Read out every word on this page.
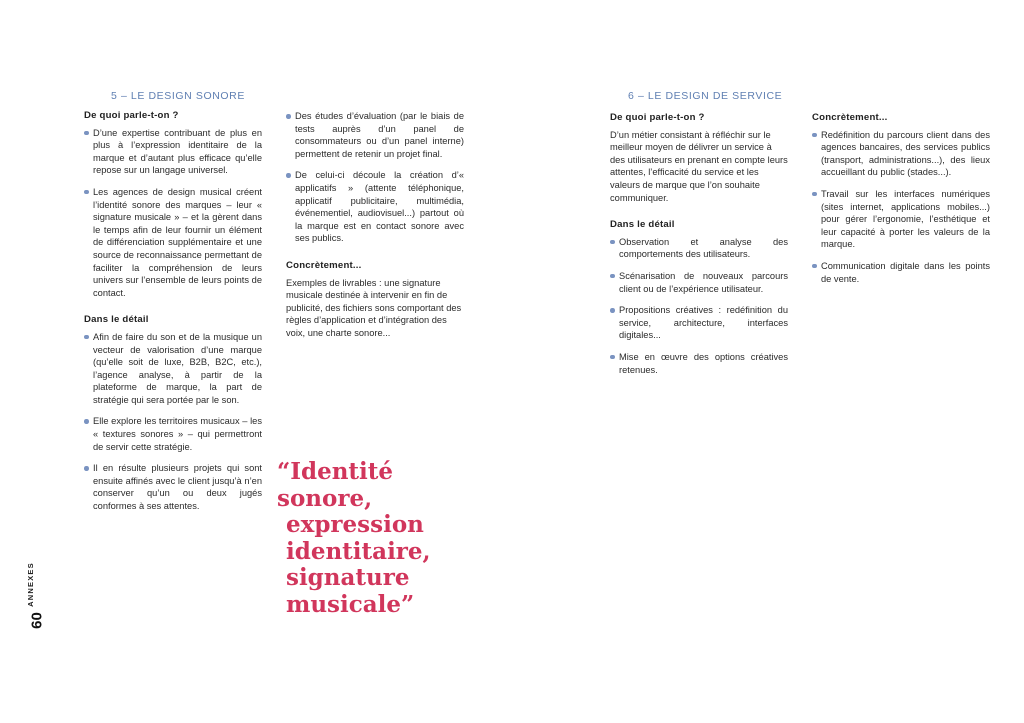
5 – LE DESIGN SONORE
De quoi parle-t-on ?
D’une expertise contribuant de plus en plus à l’expression identitaire de la marque et d’autant plus efficace qu’elle repose sur un langage universel.
Les agences de design musical créent l’identité sonore des marques – leur « signature musicale » – et la gèrent dans le temps afin de leur fournir un élément de différenciation supplémentaire et une source de reconnaissance permettant de faciliter la compréhension de leurs univers sur l’ensemble de leurs points de contact.
Dans le détail
Afin de faire du son et de la musique un vecteur de valorisation d’une marque (qu’elle soit de luxe, B2B, B2C, etc.), l’agence analyse, à partir de la plateforme de marque, la part de stratégie qui sera portée par le son.
Elle explore les territoires musicaux – les « textures sonores » – qui permettront de servir cette stratégie.
Il en résulte plusieurs projets qui sont ensuite affinés avec le client jusqu’à n’en conserver qu’un ou deux jugés conformes à ses attentes.
Des études d’évaluation (par le biais de tests auprès d’un panel de consommateurs ou d’un panel interne) permettent de retenir un projet final.
De celui-ci découle la création d’« applicatifs » (attente téléphonique, applicatif publicitaire, multimédia, événementiel, audiovisuel...) partout où la marque est en contact sonore avec ses publics.
Concrètement...

Exemples de livrables : une signature musicale destinée à intervenir en fin de publicité, des fichiers sons comportant des règles d’application et d’intégration des voix, une charte sonore...

“Identité sonore,
expression
identitaire,
signature
musicale”
6 – LE DESIGN DE SERVICE
De quoi parle-t-on ?

D’un métier consistant à réfléchir sur le meilleur moyen de délivrer un service à des utilisateurs en prenant en compte leurs attentes, l’efficacité du service et les valeurs de marque que l’on souhaite communiquer.

Dans le détail
Observation et analyse des comportements des utilisateurs.
Scénarisation de nouveaux parcours client ou de l’expérience utilisateur.
Propositions créatives : redéfinition du service, architecture, interfaces digitales...
Mise en œuvre des options créatives retenues.
Concrètement...
Redéfinition du parcours client dans des agences bancaires, des services publics (transport, administrations...), des lieux accueillant du public (stades...).
Travail sur les interfaces numériques (sites internet, applications mobiles...) pour gérer l’ergonomie, l’esthétique et leur capacité à porter les valeurs de la marque.
Communication digitale dans les points de vente.
ANNEXES
60
